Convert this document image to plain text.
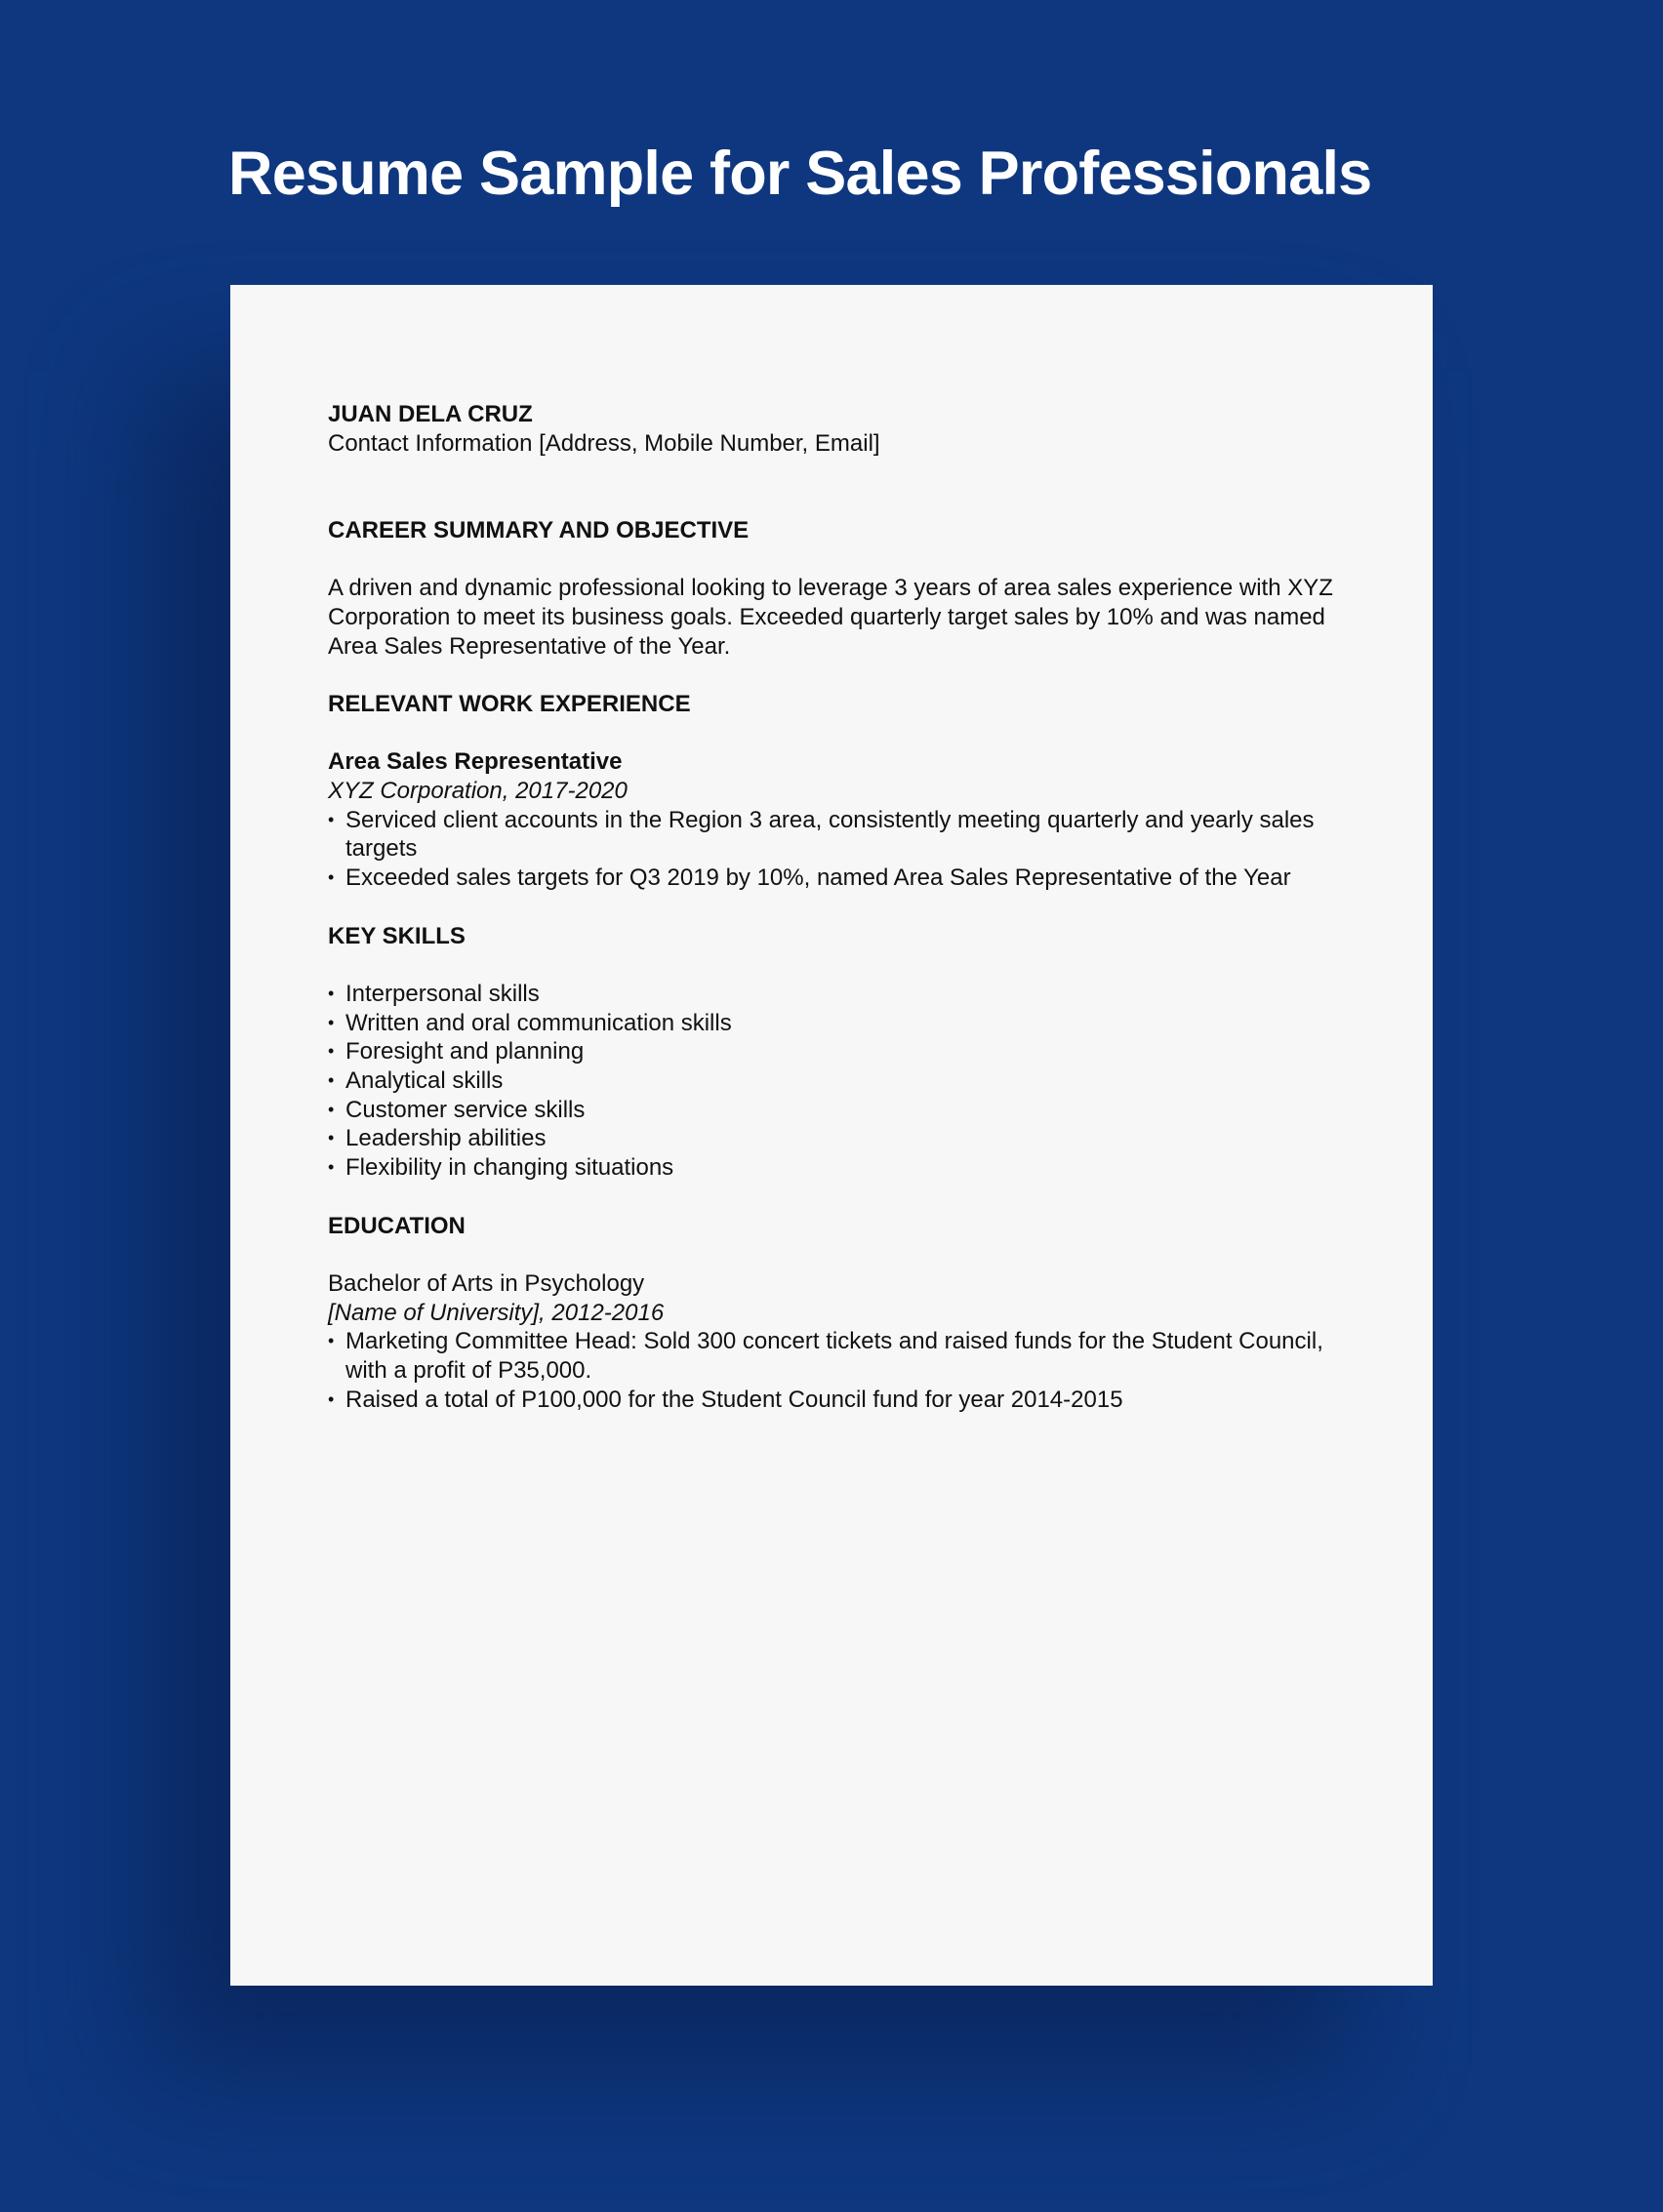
Resume Sample for Sales Professionals
JUAN DELA CRUZ
Contact Information [Address, Mobile Number, Email]
CAREER SUMMARY AND OBJECTIVE

A driven and dynamic professional looking to leverage 3 years of area sales experience with XYZ Corporation to meet its business goals. Exceeded quarterly target sales by 10% and was named Area Sales Representative of the Year.

RELEVANT WORK EXPERIENCE
Area Sales Representative
XYZ Corporation, 2017-2020
• Serviced client accounts in the Region 3 area, consistently meeting quarterly and yearly sales targets
• Exceeded sales targets for Q3 2019 by 10%, named Area Sales Representative of the Year
KEY SKILLS
• Interpersonal skills
• Written and oral communication skills
• Foresight and planning
• Analytical skills
• Customer service skills
• Leadership abilities
• Flexibility in changing situations
EDUCATION
Bachelor of Arts in Psychology
[Name of University], 2012-2016
• Marketing Committee Head: Sold 300 concert tickets and raised funds for the Student Council, with a profit of P35,000.
• Raised a total of P100,000 for the Student Council fund for year 2014-2015
